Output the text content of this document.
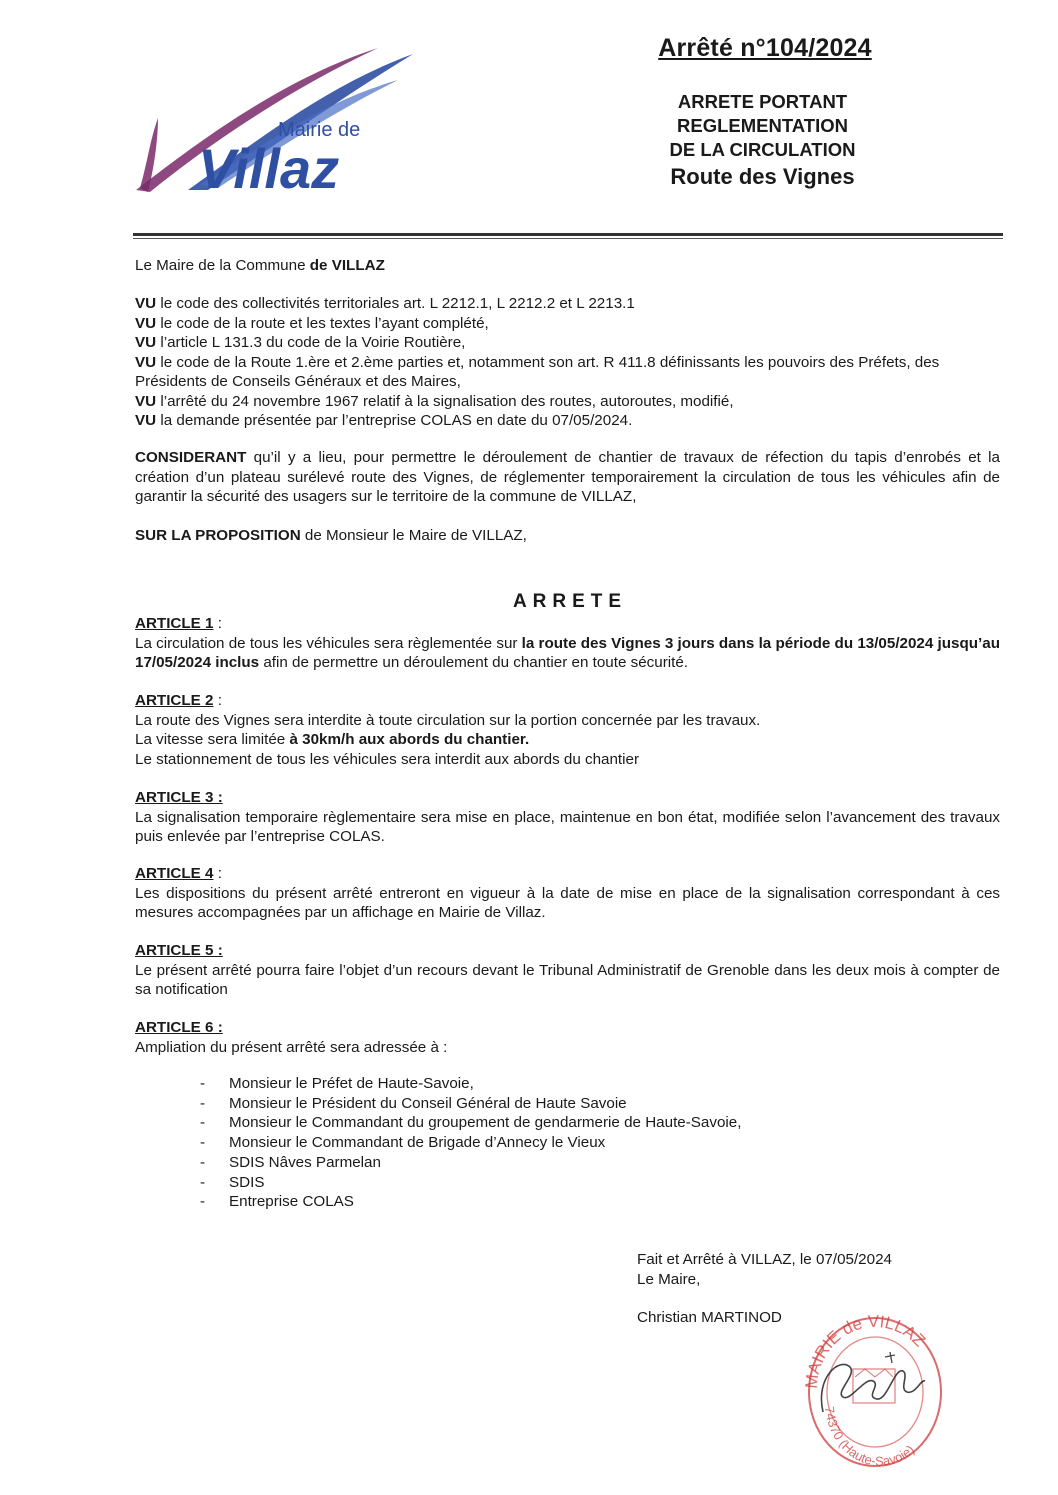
Mairie de
Villaz
Arrêté n°104/2024
ARRETE PORTANT
REGLEMENTATION
DE LA CIRCULATION
Route des Vignes

Le Maire de la Commune de VILLAZ

VU le code des collectivités territoriales art. L 2212.1, L 2212.2 et L 2213.1

VU le code de la route et les textes l’ayant complété,

VU l’article L 131.3 du code de la Voirie Routière,

VU le code de la Route 1.ère et 2.ème parties et, notamment son art. R 411.8 définissants les pouvoirs des Préfets, des Présidents de Conseils Généraux et des Maires,

VU l’arrêté du 24 novembre 1967 relatif à la signalisation des routes, autoroutes, modifié,

VU la demande présentée par l’entreprise COLAS en date du 07/05/2024.

CONSIDERANT qu’il y a lieu, pour permettre le déroulement de chantier de travaux de réfection du tapis d’enrobés et la création d’un plateau surélevé route des Vignes, de réglementer temporairement la circulation de tous les véhicules afin de garantir la sécurité des usagers sur le territoire de la commune de VILLAZ,

SUR LA PROPOSITION de Monsieur le Maire de VILLAZ,

ARRETE

ARTICLE 1 :

La circulation de tous les véhicules sera règlementée sur la route des Vignes 3 jours dans la période du 13/05/2024 jusqu’au 17/05/2024 inclus afin de permettre un déroulement du chantier en toute sécurité.

ARTICLE 2 :

La route des Vignes sera interdite à toute circulation sur la portion concernée par les travaux.

La vitesse sera limitée à 30km/h aux abords du chantier.

Le stationnement de tous les véhicules sera interdit aux abords du chantier

ARTICLE 3 :

La signalisation temporaire règlementaire sera mise en place, maintenue en bon état, modifiée selon l’avancement des travaux puis enlevée par l’entreprise COLAS.

ARTICLE 4 :

Les dispositions du présent arrêté entreront en vigueur à la date de mise en place de la signalisation correspondant à ces mesures accompagnées par un affichage en Mairie de Villaz.

ARTICLE 5 :

Le présent arrêté pourra faire l’objet d’un recours devant le Tribunal Administratif de Grenoble dans les deux mois à compter de sa notification

ARTICLE 6 :

Ampliation du présent arrêté sera adressée à :

-	Monsieur le Préfet de Haute-Savoie,
-	Monsieur le Président du Conseil Général de Haute Savoie
-	Monsieur le Commandant du groupement de gendarmerie de Haute-Savoie,
-	Monsieur le Commandant de Brigade d’Annecy le Vieux
-	SDIS Nâves Parmelan
-	SDIS
-	Entreprise COLAS

Fait et Arrêté à VILLAZ, le 07/05/2024

Le Maire,

Christian MARTINOD

MAIRIE de VILLAZ
74370 (Haute-Savoie)
